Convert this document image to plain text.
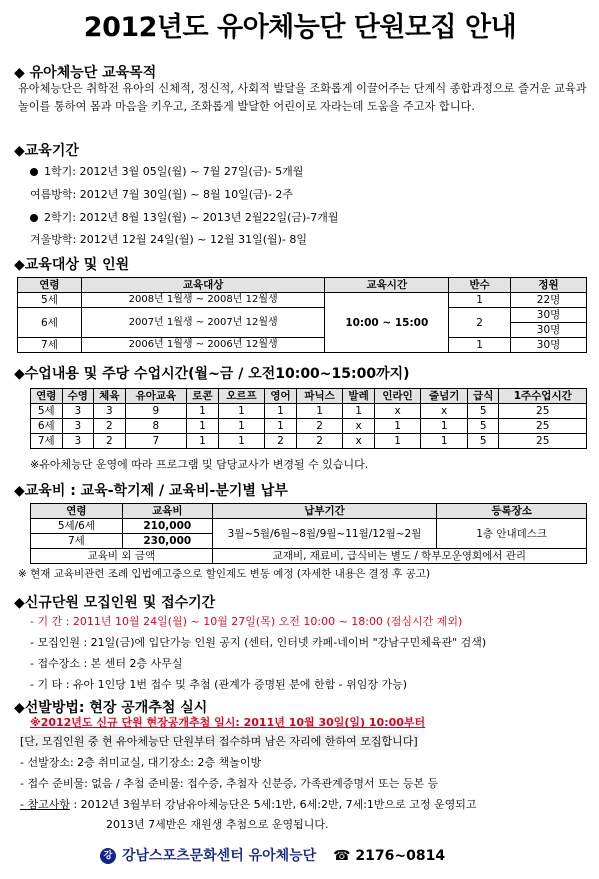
2012년도 유아체능단 단원모집 안내
◆ 유아체능단 교육목적
유아체능단은 취학전 유아의 신체적, 정신적, 사회적 발달을 조화롭게 이끌어주는 단계식 종합과정으로 즐거운 교육과 놀이를 통하여 몸과 마음을 키우고, 조화롭게 발달한 어린이로 자라는데 도움을 주고자 합니다.
◆교육기간
1학기: 2012년 3월 05일(월) ~ 7월 27일(금)- 5개월
여름방학: 2012년 7월 30일(월) ~ 8월 10일(금)- 2주
2학기: 2012년 8월 13일(월) ~ 2013년 2월22일(금)-7개월
겨울방학: 2012년 12월 24일(월) ~ 12월 31일(월)- 8일
◆교육대상 및 인원
연령	교육대상	교육시간	반수	정원
5세	2008년 1월생 ~ 2008년 12월생	10:00 ~ 15:00	1	22명
6세	2007년 1월생 ~ 2007년 12월생		2	30명
				30명
7세	2006년 1월생 ~ 2006년 12월생		1	30명
◆수업내용 및 주당 수업시간(월~금 / 오전10:00~15:00까지)
연령	수영	체육	유아교육	로콘	오르프	영어	파닉스	발레	인라인	줄넘기	급식	1주수업시간
5세	3	3	9	1	1	1	1	1	x	x	5	25
6세	3	2	8	1	1	1	2	x	1	1	5	25
7세	3	2	7	1	1	2	2	x	1	1	5	25
※유아체능단 운영에 따라 프로그램 및 담당교사가 변경될 수 있습니다.
◆교육비 : 교육-학기제 / 교육비-분기별 납부
연령	교육비	납부기간	등록장소
5세/6세	210,000	3월~5월/6월~8월/9월~11월/12월~2월	1층 안내데스크
7세	230,000		
교육비 외 금액		교재비, 재료비, 급식비는 별도 / 학부모운영회에서 관리	
※ 현재 교육비관련 조례 입법예고중으로 할인제도 변동 예정 (자세한 내용은 결정 후 공고)
◆신규단원 모집인원 및 접수기간
- 기 간 : 2011년 10월 24일(월) ~ 10월 27일(목) 오전 10:00 ~ 18:00 (점심시간 제외)
- 모집인원 : 21일(금)에 입단가능 인원 공지 (센터, 인터넷 카페-네이버 "강남구민체육관" 검색)
- 접수장소 : 본 센터 2층 사무실
- 기 타 : 유아 1인당 1번 접수 및 추첨 (관계가 증명된 분에 한함 - 위임장 가능)
◆선발방법: 현장 공개추첨 실시
※2012년도 신규 단원 현장공개추첨 일시: 2011년 10월 30일(일) 10:00부터
[단, 모집인원 중 현 유아체능단 단원부터 접수하며 남은 자리에 한하여 모집합니다]
- 선발장소: 2층 취미교실, 대기장소: 2층 책놀이방
- 접수 준비물: 없음 / 추첨 준비물: 접수증, 추첨자 신분증, 가족관계증명서 또는 등본 등
- 참고사항 : 2012년 3월부터 강남유아체능단은 5세:1반, 6세:2반, 7세:1반으로 고정 운영되고
2013년 7세반은 재원생 추첨으로 운영됩니다.
강 강남스포츠문화센터 유아체능단 ☎ 2176~0814
